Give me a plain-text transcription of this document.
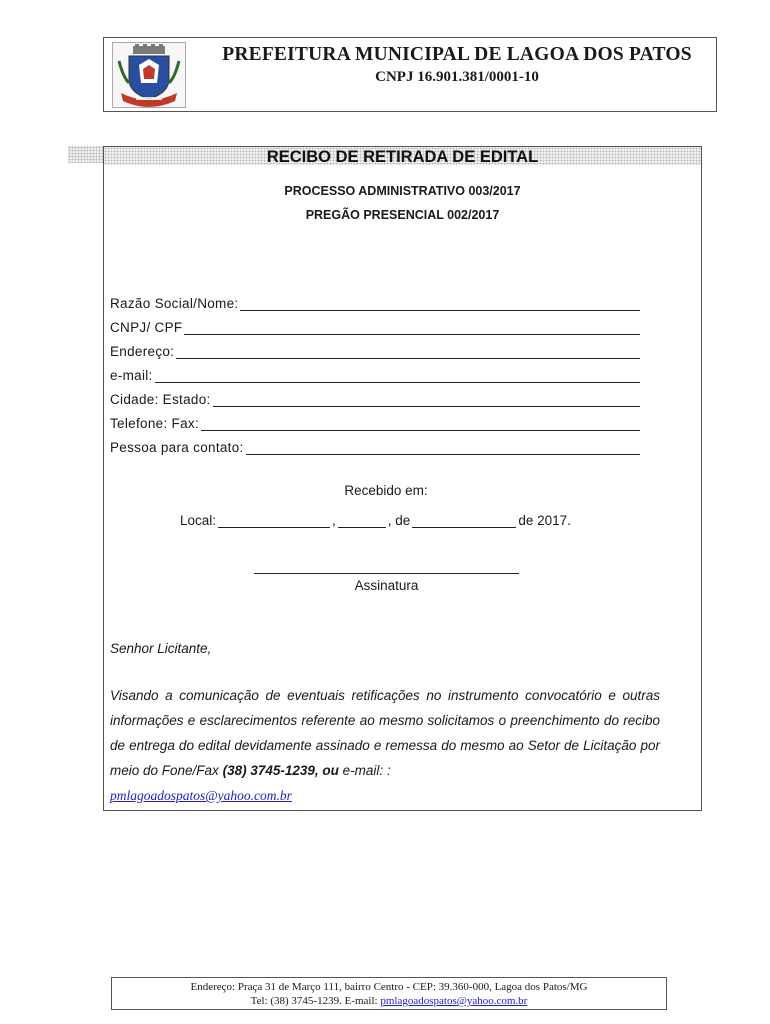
PREFEITURA MUNICIPAL DE LAGOA DOS PATOS
CNPJ 16.901.381/0001-10
RECIBO DE RETIRADA DE EDITAL
PROCESSO ADMINISTRATIVO 003/2017
PREGÃO PRESENCIAL 002/2017
Razão Social/Nome:
CNPJ/ CPF
Endereço:
e-mail:
Cidade: Estado:
Telefone: Fax:
Pessoa para contato:
Recebido em:
Local:	,	, de	de 2017.
Assinatura
Senhor Licitante,
Visando a comunicação de eventuais retificações no instrumento convocatório e outras informações e esclarecimentos referente ao mesmo solicitamos o preenchimento do recibo de entrega do edital devidamente assinado e remessa do mesmo ao Setor de Licitação por meio do Fone/Fax (38) 3745-1239, ou e-mail: :
pmlagoadospatos@yahoo.com.br
Endereço: Praça 31 de Março 111, bairro Centro - CEP: 39.360-000, Lagoa dos Patos/MG
Tel: (38) 3745-1239. E-mail: pmlagoadospatos@yahoo.com.br
